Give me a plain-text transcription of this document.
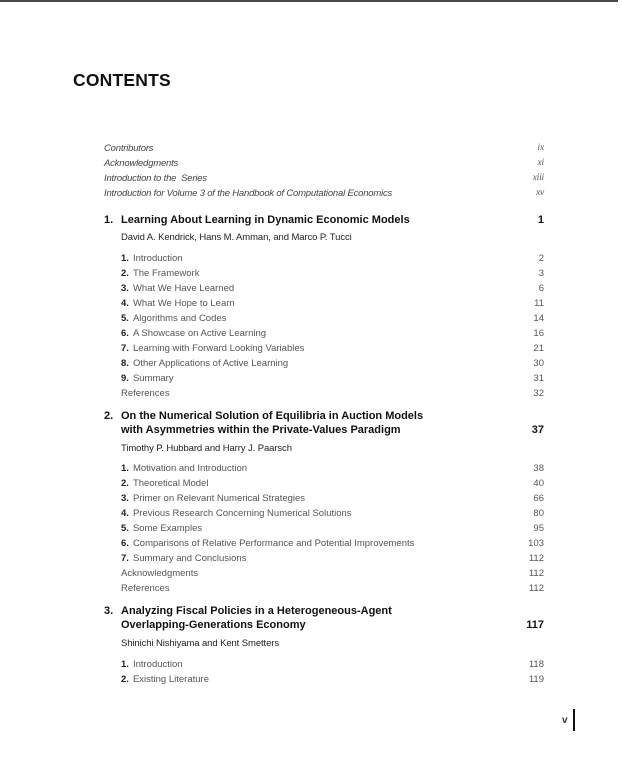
CONTENTS
Contributors	ix
Acknowledgments	xi
Introduction to the  Series	xiii
Introduction for Volume 3 of the Handbook of Computational Economics	xv
1. Learning About Learning in Dynamic Economic Models	1
David A. Kendrick, Hans M. Amman, and Marco P. Tucci
1. Introduction	2
2. The Framework	3
3. What We Have Learned	6
4. What We Hope to Learn	11
5. Algorithms and Codes	14
6. A Showcase on Active Learning	16
7. Learning with Forward Looking Variables	21
8. Other Applications of Active Learning	30
9. Summary	31
References	32
2. On the Numerical Solution of Equilibria in Auction Models
with Asymmetries within the Private-Values Paradigm	37
Timothy P. Hubbard and Harry J. Paarsch
1. Motivation and Introduction	38
2. Theoretical Model	40
3. Primer on Relevant Numerical Strategies	66
4. Previous Research Concerning Numerical Solutions	80
5. Some Examples	95
6. Comparisons of Relative Performance and Potential Improvements	103
7. Summary and Conclusions	112
Acknowledgments	112
References	112
3. Analyzing Fiscal Policies in a Heterogeneous-Agent
Overlapping-Generations Economy	117
Shinichi Nishiyama and Kent Smetters
1. Introduction	118
2. Existing Literature	119
v
